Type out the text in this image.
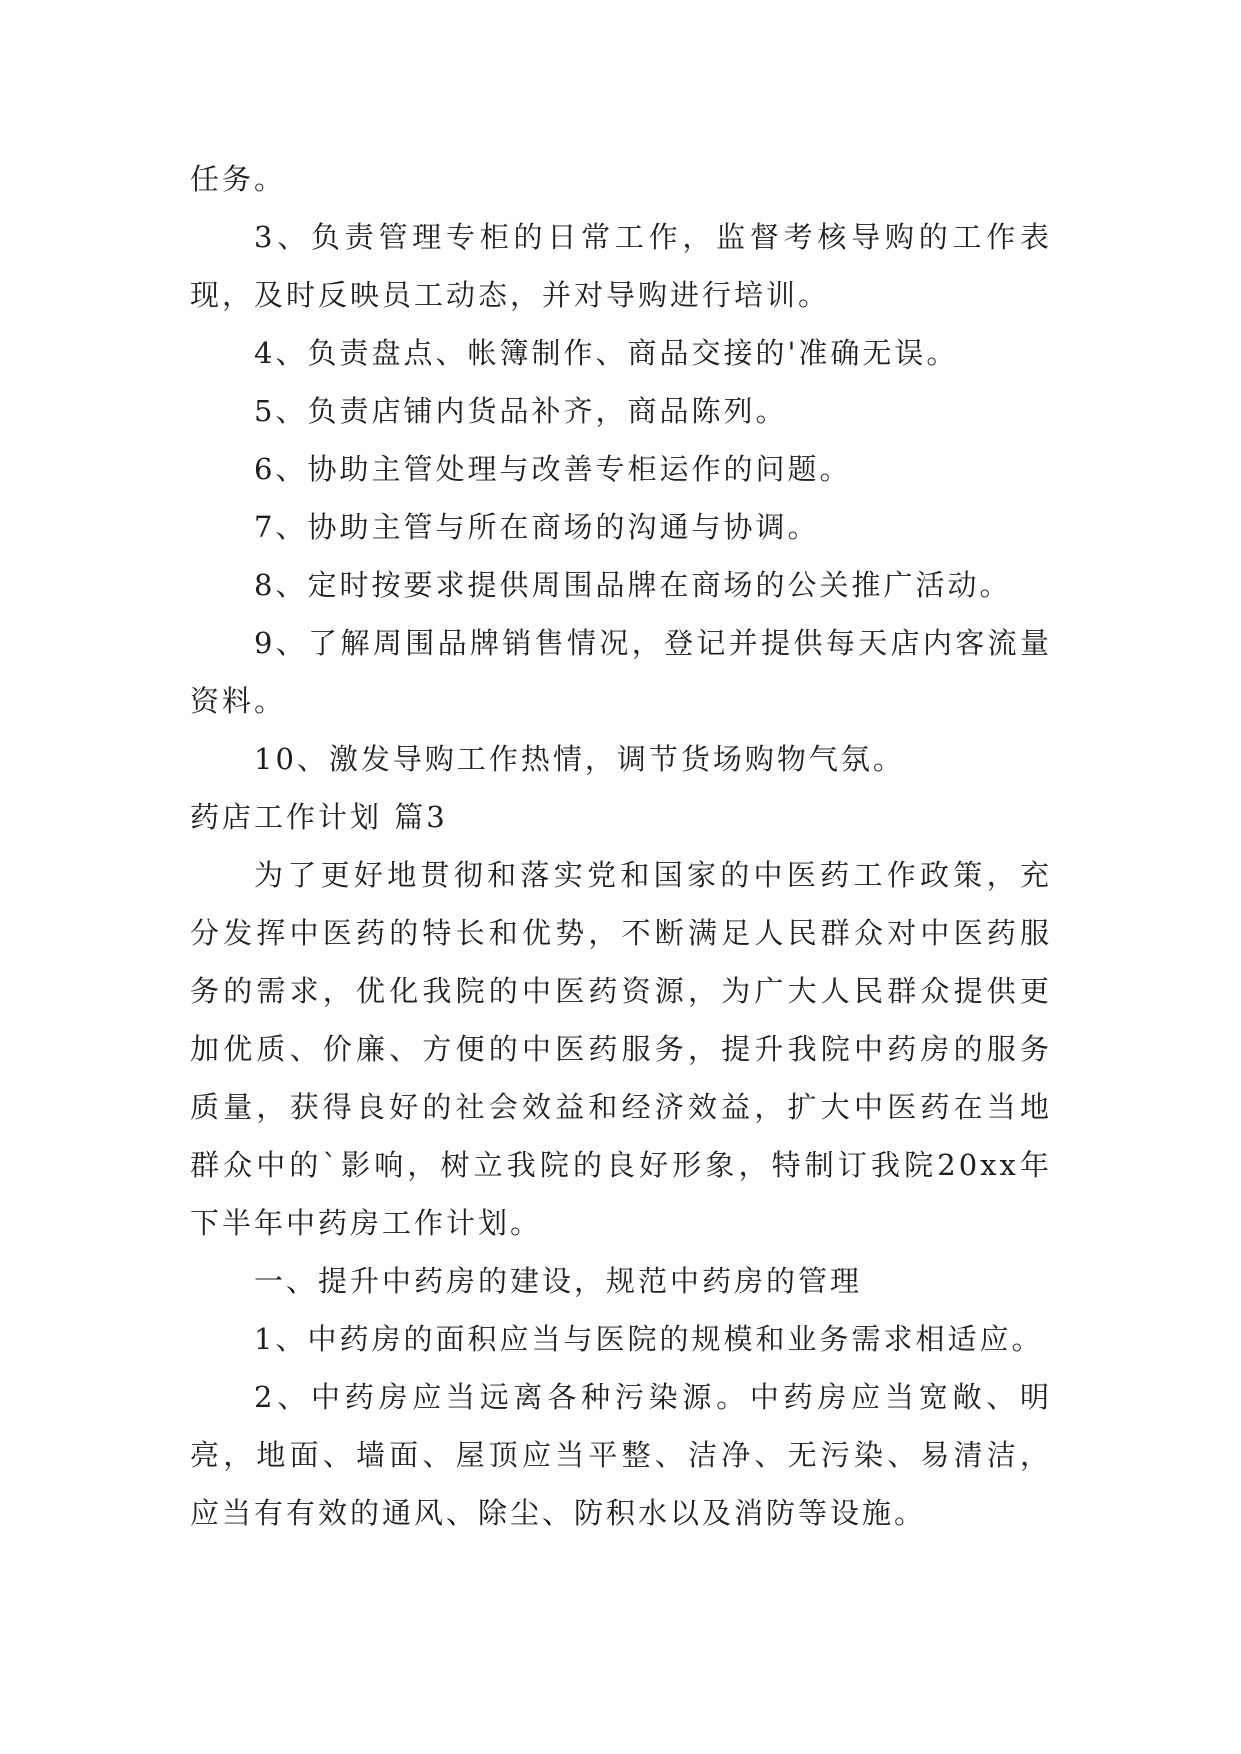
任务。

3、负责管理专柜的日常工作，监督考核导购的工作表现，及时反映员工动态，并对导购进行培训。

4、负责盘点、帐簿制作、商品交接的'准确无误。

5、负责店铺内货品补齐，商品陈列。

6、协助主管处理与改善专柜运作的问题。

7、协助主管与所在商场的沟通与协调。

8、定时按要求提供周围品牌在商场的公关推广活动。

9、了解周围品牌销售情况，登记并提供每天店内客流量资料。

10、激发导购工作热情，调节货场购物气氛。

药店工作计划 篇3

为了更好地贯彻和落实党和国家的中医药工作政策，充分发挥中医药的特长和优势，不断满足人民群众对中医药服务的需求，优化我院的中医药资源，为广大人民群众提供更加优质、价廉、方便的中医药服务，提升我院中药房的服务质量，获得良好的社会效益和经济效益，扩大中医药在当地群众中的`影响，树立我院的良好形象，特制订我院20xx年下半年中药房工作计划。

一、提升中药房的建设，规范中药房的管理

1、中药房的面积应当与医院的规模和业务需求相适应。

2、中药房应当远离各种污染源。中药房应当宽敞、明亮，地面、墙面、屋顶应当平整、洁净、无污染、易清洁，应当有有效的通风、除尘、防积水以及消防等设施。
